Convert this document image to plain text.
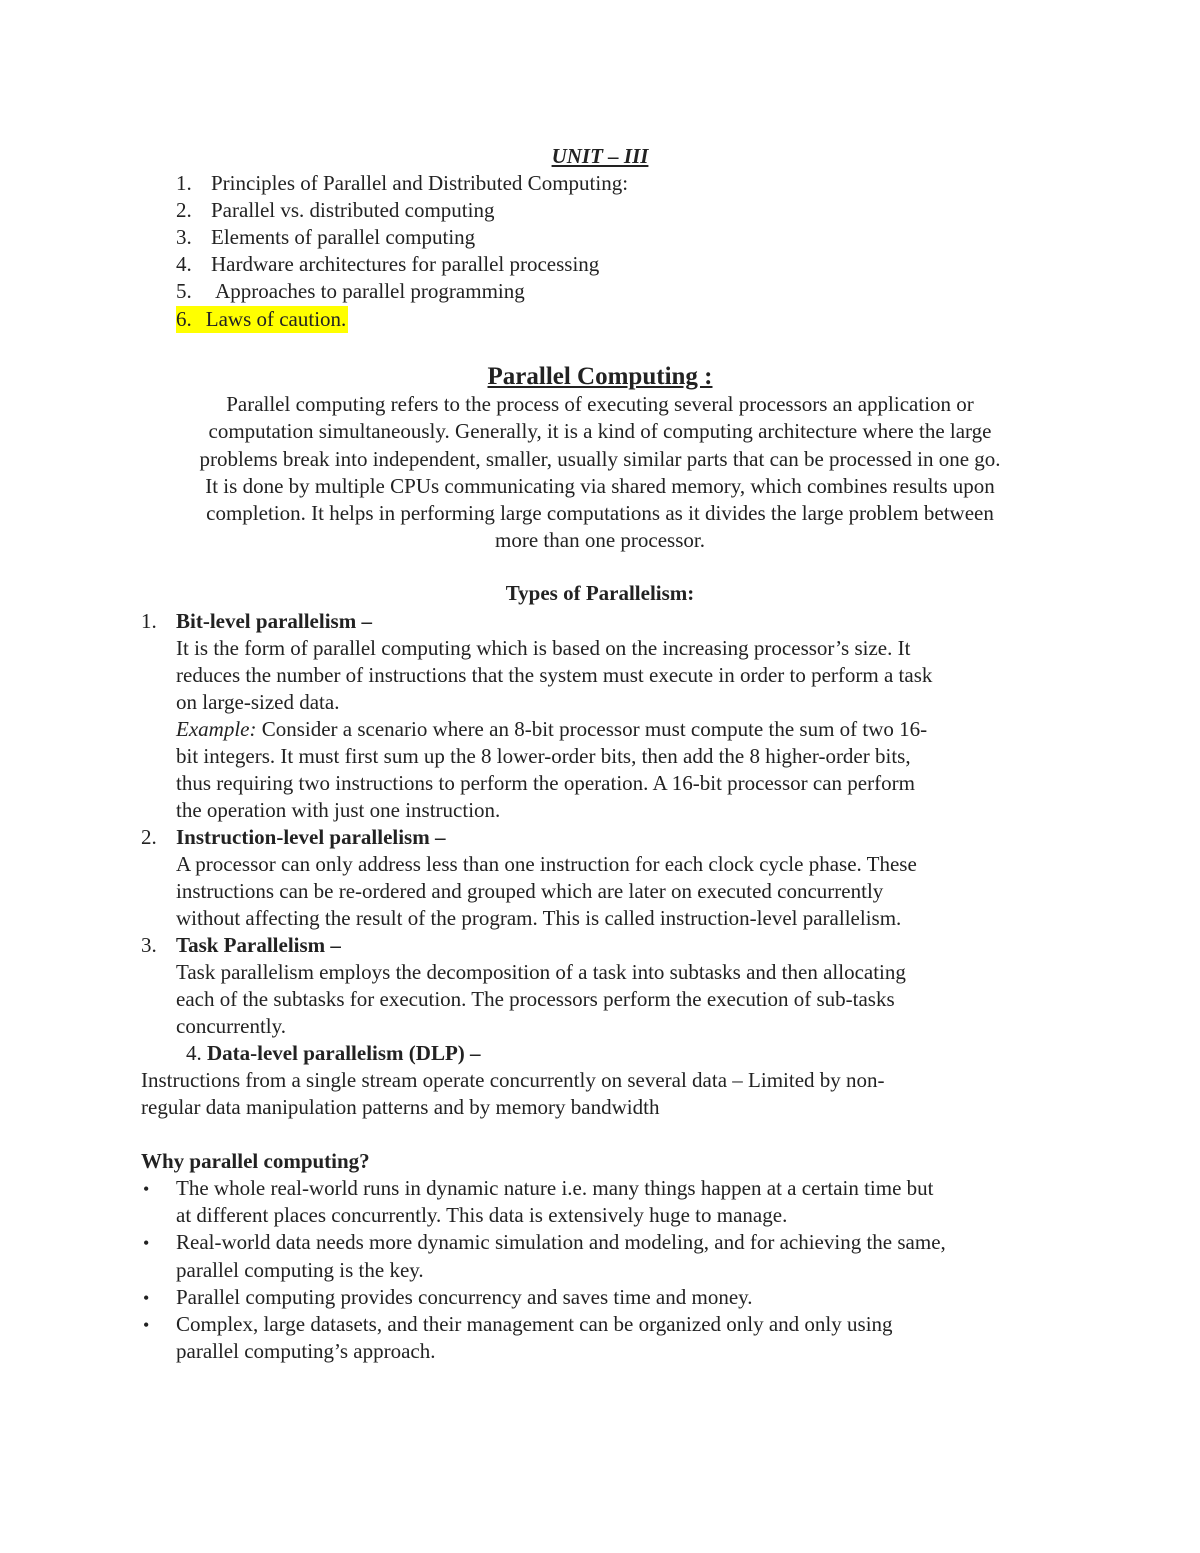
UNIT – III
1. Principles of Parallel and Distributed Computing:
2. Parallel vs. distributed computing
3. Elements of parallel computing
4. Hardware architectures for parallel processing
5. Approaches to parallel programming
6. Laws of caution.
Parallel Computing :
Parallel computing refers to the process of executing several processors an application or
computation simultaneously. Generally, it is a kind of computing architecture where the large
problems break into independent, smaller, usually similar parts that can be processed in one go.
It is done by multiple CPUs communicating via shared memory, which combines results upon
completion. It helps in performing large computations as it divides the large problem between
more than one processor.
Types of Parallelism:
1. Bit-level parallelism –
It is the form of parallel computing which is based on the increasing processor’s size. It
reduces the number of instructions that the system must execute in order to perform a task
on large-sized data.
Example: Consider a scenario where an 8-bit processor must compute the sum of two 16-
bit integers. It must first sum up the 8 lower-order bits, then add the 8 higher-order bits,
thus requiring two instructions to perform the operation. A 16-bit processor can perform
the operation with just one instruction.
2. Instruction-level parallelism –
A processor can only address less than one instruction for each clock cycle phase. These
instructions can be re-ordered and grouped which are later on executed concurrently
without affecting the result of the program. This is called instruction-level parallelism.
3. Task Parallelism –
Task parallelism employs the decomposition of a task into subtasks and then allocating
each of the subtasks for execution. The processors perform the execution of sub-tasks
concurrently.
4. Data-level parallelism (DLP) –
Instructions from a single stream operate concurrently on several data – Limited by non-
regular data manipulation patterns and by memory bandwidth
Why parallel computing?
• The whole real-world runs in dynamic nature i.e. many things happen at a certain time but
at different places concurrently. This data is extensively huge to manage.
• Real-world data needs more dynamic simulation and modeling, and for achieving the same,
parallel computing is the key.
• Parallel computing provides concurrency and saves time and money.
• Complex, large datasets, and their management can be organized only and only using
parallel computing’s approach.
